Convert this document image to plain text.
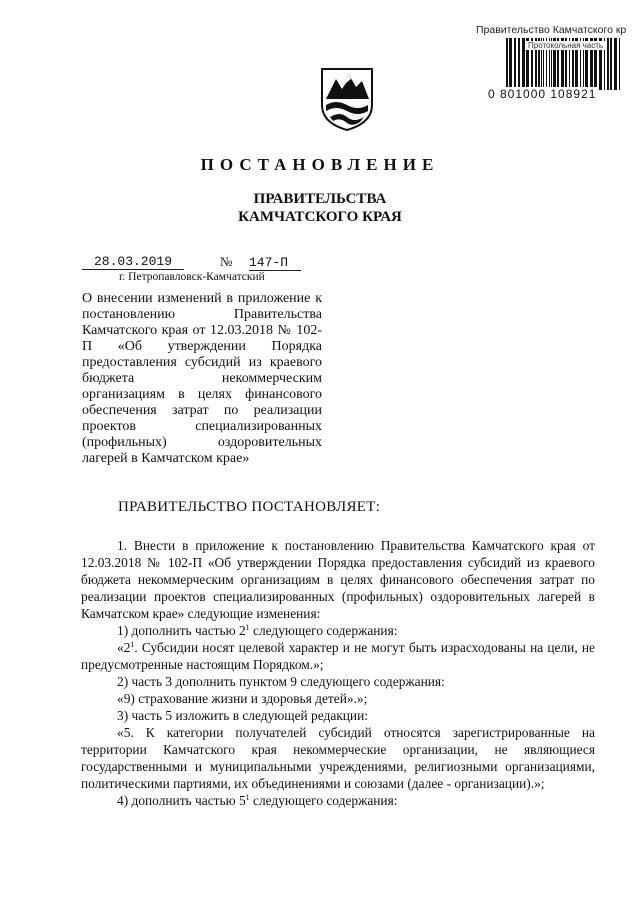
Правительство Камчатского кр
Протокольная часть
0 801000 108921
ПОСТАНОВЛЕНИЕ
ПРАВИТЕЛЬСТВА
КАМЧАТСКОГО КРАЯ
28.03.2019	№ 147-П
г. Петропавловск-Камчатский
О внесении изменений в приложение к постановлению Правительства Камчатского края от 12.03.2018 № 102-П «Об утверждении Порядка предоставления субсидий из краевого бюджета некоммерческим организациям в целях финансового обеспечения затрат по реализации проектов специализированных (профильных) оздоровительных лагерей в Камчатском крае»
ПРАВИТЕЛЬСТВО ПОСТАНОВЛЯЕТ:

1. Внести в приложение к постановлению Правительства Камчатского края от 12.03.2018 № 102-П «Об утверждении Порядка предоставления субсидий из краевого бюджета некоммерческим организациям в целях финансового обеспечения затрат по реализации проектов специализированных (профильных) оздоровительных лагерей в Камчатском крае» следующие изменения:

1) дополнить частью $2^1$ следующего содержания:

«$2^1$. Субсидии носят целевой характер и не могут быть израсходованы на цели, не предусмотренные настоящим Порядком.»;

2) часть 3 дополнить пунктом 9 следующего содержания:

«9) страхование жизни и здоровья детей».»;

3) часть 5 изложить в следующей редакции:

«5. К категории получателей субсидий относятся зарегистрированные на территории Камчатского края некоммерческие организации, не являющиеся государственными и муниципальными учреждениями, религиозными организациями, политическими партиями, их объединениями и союзами (далее - организации).»;

4) дополнить частью $5^1$ следующего содержания:
